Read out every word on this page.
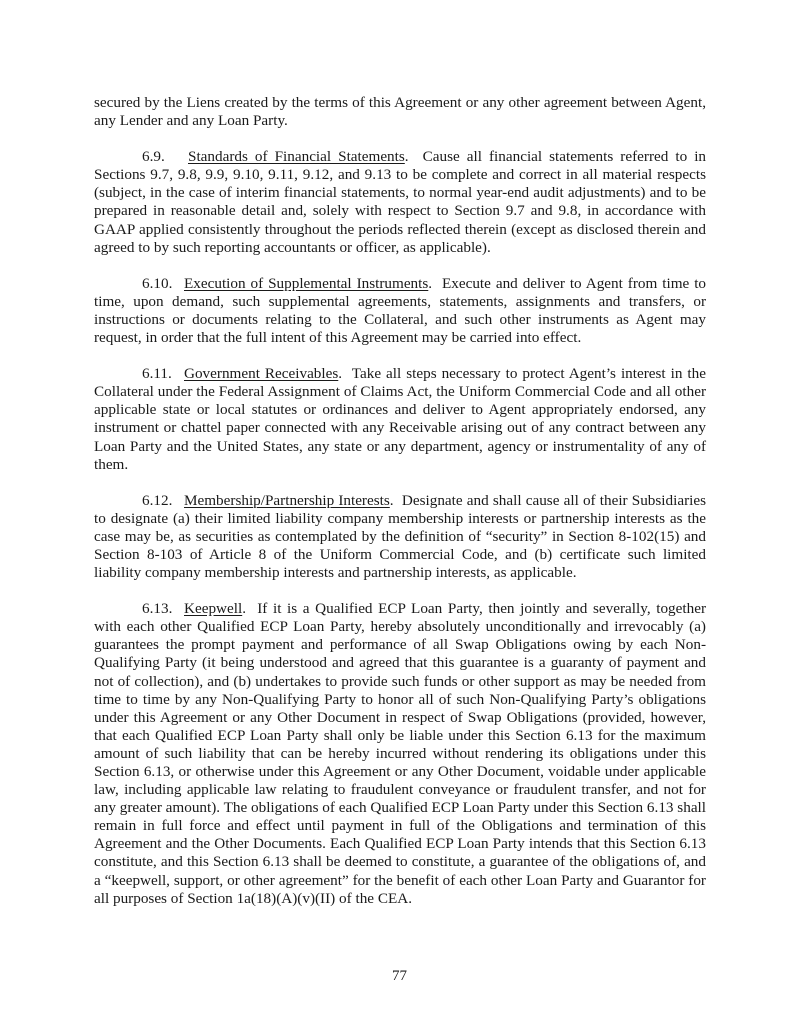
secured by the Liens created by the terms of this Agreement or any other agreement between Agent, any Lender and any Loan Party.

6.9. Standards of Financial Statements.  Cause all financial statements referred to in Sections 9.7, 9.8, 9.9, 9.10, 9.11, 9.12, and 9.13 to be complete and correct in all material respects (subject, in the case of interim financial statements, to normal year-end audit adjustments) and to be prepared in reasonable detail and, solely with respect to Section 9.7 and 9.8, in accordance with GAAP applied consistently throughout the periods reflected therein (except as disclosed therein and agreed to by such reporting accountants or officer, as applicable).

6.10. Execution of Supplemental Instruments.  Execute and deliver to Agent from time to time, upon demand, such supplemental agreements, statements, assignments and transfers, or instructions or documents relating to the Collateral, and such other instruments as Agent may request, in order that the full intent of this Agreement may be carried into effect.

6.11. Government Receivables.  Take all steps necessary to protect Agent’s interest in the Collateral under the Federal Assignment of Claims Act, the Uniform Commercial Code and all other applicable state or local statutes or ordinances and deliver to Agent appropriately endorsed, any instrument or chattel paper connected with any Receivable arising out of any contract between any Loan Party and the United States, any state or any department, agency or instrumentality of any of them.

6.12. Membership/Partnership Interests.  Designate and shall cause all of their Subsidiaries to designate (a) their limited liability company membership interests or partnership interests as the case may be, as securities as contemplated by the definition of “security” in Section 8-102(15) and Section 8-103 of Article 8 of the Uniform Commercial Code, and (b) certificate such limited liability company membership interests and partnership interests, as applicable.

6.13. Keepwell.  If it is a Qualified ECP Loan Party, then jointly and severally, together with each other Qualified ECP Loan Party, hereby absolutely unconditionally and irrevocably (a) guarantees the prompt payment and performance of all Swap Obligations owing by each Non-Qualifying Party (it being understood and agreed that this guarantee is a guaranty of payment and not of collection), and (b) undertakes to provide such funds or other support as may be needed from time to time by any Non-Qualifying Party to honor all of such Non-Qualifying Party’s obligations under this Agreement or any Other Document in respect of Swap Obligations (provided, however, that each Qualified ECP Loan Party shall only be liable under this Section 6.13 for the maximum amount of such liability that can be hereby incurred without rendering its obligations under this Section 6.13, or otherwise under this Agreement or any Other Document, voidable under applicable law, including applicable law relating to fraudulent conveyance or fraudulent transfer, and not for any greater amount). The obligations of each Qualified ECP Loan Party under this Section 6.13 shall remain in full force and effect until payment in full of the Obligations and termination of this Agreement and the Other Documents. Each Qualified ECP Loan Party intends that this Section 6.13 constitute, and this Section 6.13 shall be deemed to constitute, a guarantee of the obligations of, and a “keepwell, support, or other agreement” for the benefit of each other Loan Party and Guarantor for all purposes of Section 1a(18)(A)(v)(II) of the CEA.

77
